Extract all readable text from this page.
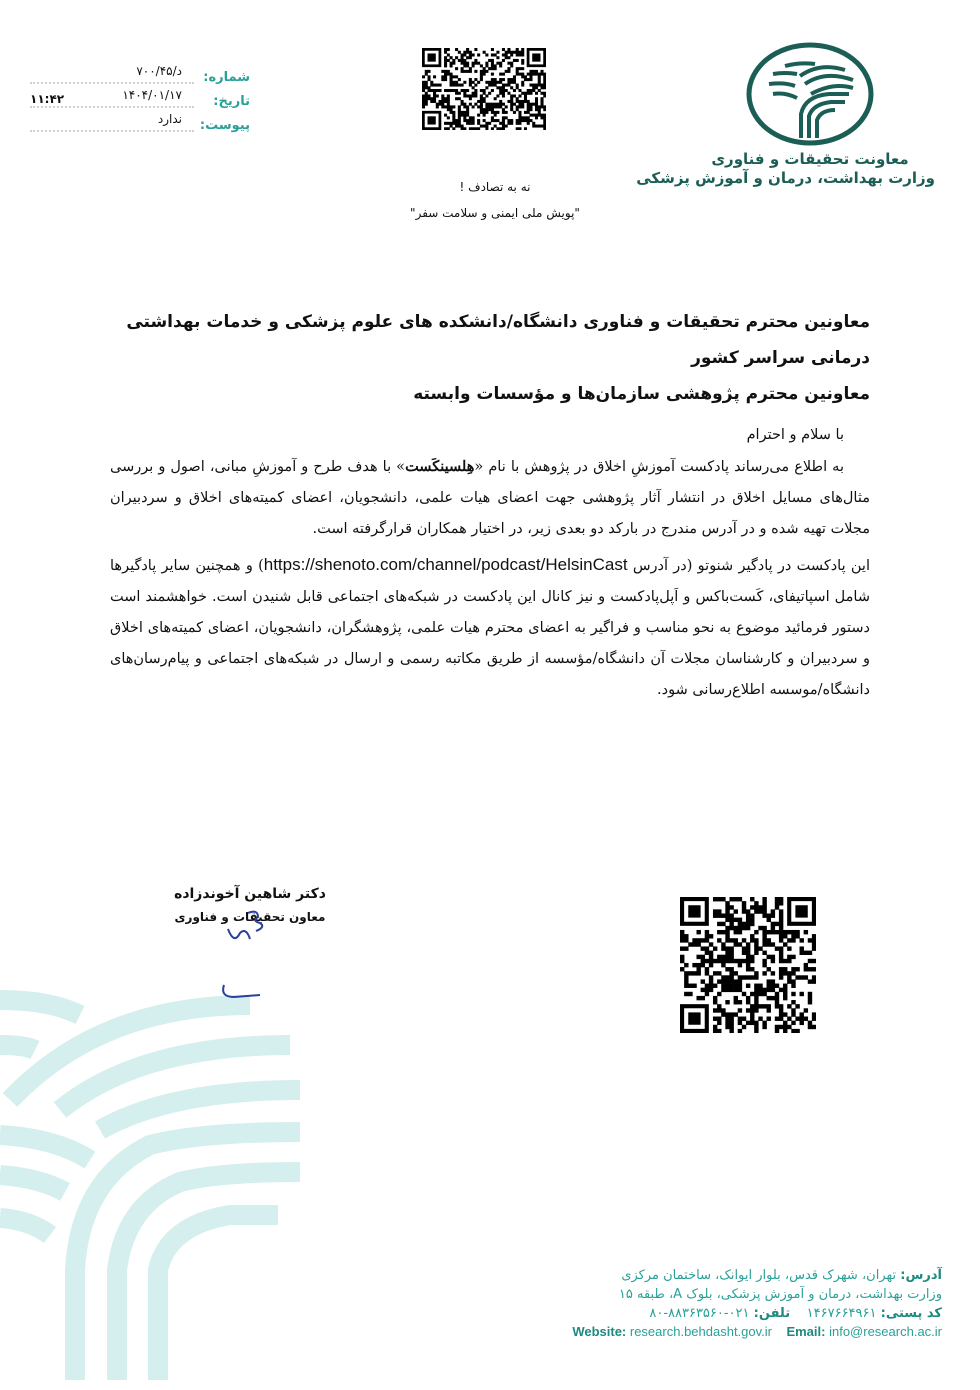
شماره:
د/۷۰۰/۴۵
تاریخ:
۱۴۰۴/۰۱/۱۷
پیوست:
ندارد
۱۱:۴۲
نه به تصادف !
"پویش ملی ایمنی و سلامت سفر"
معاونت تحقیقات و فناوری
وزارت بهداشت، درمان و آموزش پزشکی
معاونین محترم تحقیقات و فناوری دانشگاه/دانشکده های علوم پزشکی و خدمات بهداشتی درمانی سراسر کشور
معاونین محترم پژوهشی سازمان‌ها و مؤسسات وابسته

با سلام و احترام

به اطلاع می‌رساند پادکست آموزشِ اخلاق در پژوهش با نام «هِلسینکَست» با هدف طرح و آموزشِ مبانی، اصول و بررسی مثال‌های مسایل اخلاق در انتشار آثار پژوهشی جهت اعضای هیات علمی، دانشجویان، اعضای کمیته‌های اخلاق و سردبیران مجلات تهیه شده و در آدرس مندرج در بارکد دو بعدی زیر، در اختیار همکاران قرارگرفته است.

این پادکست در پادگیر شنوتو (در آدرس https://shenoto.com/channel/podcast/HelsinCast) و همچنین سایر پادگیرها شامل اسپاتیفای، کَست‌باکس و اَپل‌پادکست و نیز کانال این پادکست در شبکه‌های اجتماعی قابل شنیدن است. خواهشمند است دستور فرمائید موضوع به نحو مناسب و فراگیر به اعضای محترم هیات علمی، پژوهشگران، دانشجویان، اعضای کمیته‌های اخلاق و سردبیران و کارشناسان مجلات آن دانشگاه/مؤسسه از طریق مکاتبه رسمی و ارسال در شبکه‌های اجتماعی و پیام‌رسان‌های دانشگاه/موسسه اطلاع‌رسانی شود.

دکتر شاهین آخوندزاده
معاون تحقیقات و فناوری
آدرس: تهران، شهرک قدس، بلوار ایوانک، ساختمان مرکزی
وزارت بهداشت، درمان و آموزش پزشکی، بلوک A، طبقه ۱۵
کد پستی: ۱۴۶۷۶۶۴۹۶۱    تلفن: ۰۲۱-۸۸۳۶۳۵۶۰-۸۰
Website: research.behdasht.gov.ir Email: info@research.ac.ir
